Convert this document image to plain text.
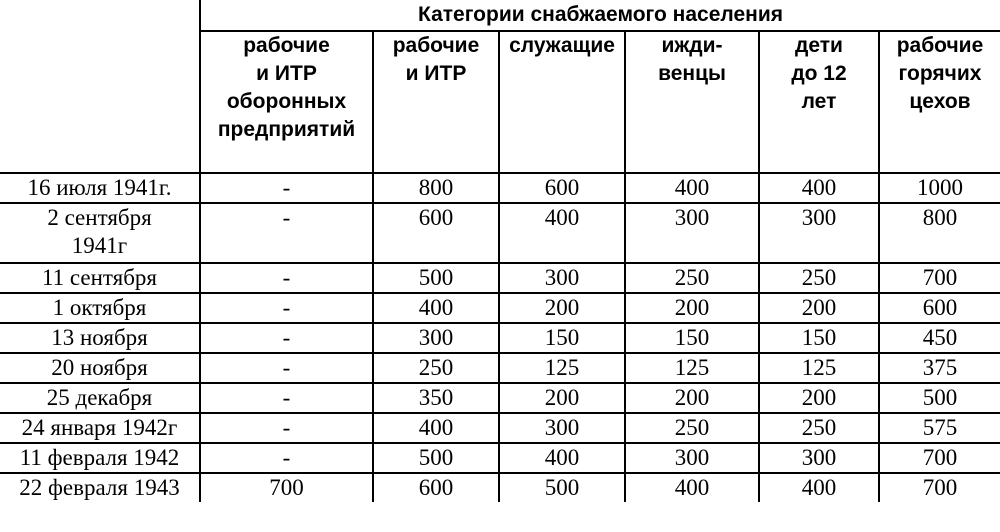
	Категории снабжаемого населения					

	рабочие
и ИТР
оборонных
предприятий	рабочие
и ИТР	служащие	ижди-
венцы	дети
до 12
лет	рабочие
горячих
цехов

16 июля 1941г.	-	800	600	400	400	1000
2 сентября
1941г	-	600	400	300	300	800
11 сентября	-	500	300	250	250	700
1 октября	-	400	200	200	200	600
13 ноября	-	300	150	150	150	450
20 ноября	-	250	125	125	125	375
25 декабря	-	350	200	200	200	500
24 января 1942г	-	400	300	250	250	575
11 февраля 1942	-	500	400	300	300	700
22 февраля 1943	700	600	500	400	400	700
